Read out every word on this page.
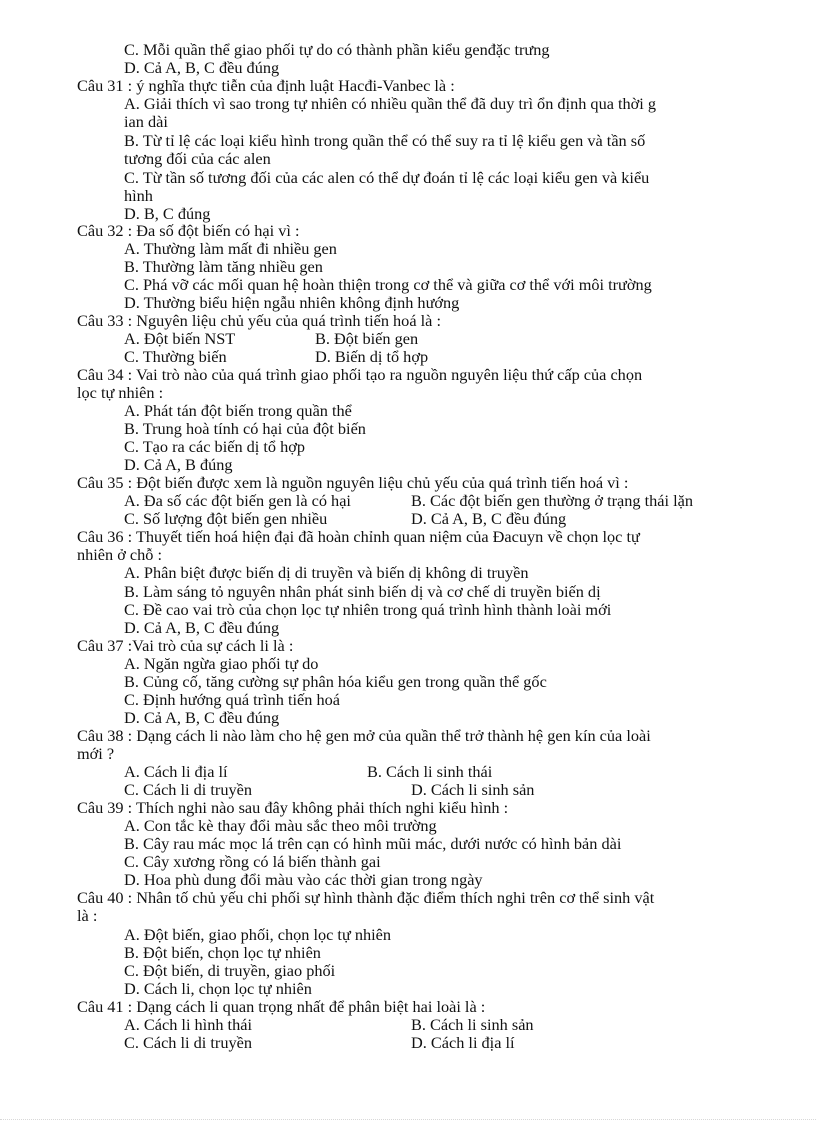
C. Mỗi quần thể giao phối tự do có thành phần kiểu genđặc trưng
D. Cả A, B, C đều đúng
Câu 31 : ý nghĩa thực tiễn của định luật Hacđi-Vanbec là :
A. Giải thích vì sao trong tự nhiên có nhiều quần thể đã duy trì ổn định qua thời g
ian dài
B. Từ tỉ lệ các loại kiểu hình trong quần thể có thể suy ra tỉ lệ kiểu gen và tần số
tương đối của các alen
C. Từ tần số tương đối của các alen có thể dự đoán tỉ lệ các loại kiểu gen và kiểu
hình
D. B, C đúng
Câu 32 : Đa số đột biến có hại vì :
A. Thường làm mất đi nhiều gen
B. Thường làm tăng nhiều gen
C. Phá vỡ các mối quan hệ hoàn thiện trong cơ thể và giữa cơ thể với môi trường
D. Thường biểu hiện ngẫu nhiên không định hướng
Câu 33 : Nguyên liệu chủ yếu của quá trình tiến hoá là :
A. Đột biến NST	B. Đột biến gen
C. Thường biến	D. Biến dị tổ hợp
Câu 34 : Vai trò nào của quá trình giao phối tạo ra nguồn nguyên liệu thứ cấp của chọn
lọc tự nhiên :
A. Phát tán đột biến trong quần thể
B. Trung hoà tính có hại của đột biến
C. Tạo ra các biến dị tổ hợp
D. Cả A, B đúng
Câu 35 : Đột biến được xem là nguồn nguyên liệu chủ yếu của quá trình tiến hoá vì :
A. Đa số các đột biến gen là có hại	B. Các đột biến gen thường ở trạng thái lặn
C. Số lượng đột biến gen nhiều	D. Cả A, B, C đều đúng
Câu 36 : Thuyết tiến hoá hiện đại đã hoàn chỉnh quan niệm của Đacuyn về chọn lọc tự
nhiên ở chỗ :
A. Phân biệt được biến dị di truyền và biến dị không di truyền
B. Làm sáng tỏ nguyên nhân phát sinh biến dị và cơ chế di truyền biến dị
C. Đề cao vai trò của chọn lọc tự nhiên trong quá trình hình thành loài mới
D. Cả A, B, C đều đúng
Câu 37 :Vai trò của sự cách li là :
A. Ngăn ngừa giao phối tự do
B. Củng cố, tăng cường sự phân hóa kiểu gen trong quần thể gốc
C. Định hướng quá trình tiến hoá
D. Cả A, B, C đều đúng
Câu 38 : Dạng cách li nào làm cho hệ gen mở của quần thể trở thành hệ gen kín của loài
mới ?
A. Cách li địa lí	B. Cách li sinh thái
C. Cách li di truyền	D. Cách li sinh sản
Câu 39 : Thích nghi nào sau đây không phải thích nghi kiểu hình :
A. Con tắc kè thay đổi màu sắc theo môi trường
B. Cây rau mác mọc lá trên cạn có hình mũi mác, dưới nước có hình bản dài
C. Cây xương rồng có lá biến thành gai
D. Hoa phù dung đổi màu vào các thời gian trong ngày
Câu 40 : Nhân tố chủ yếu chi phối sự hình thành đặc điểm thích nghi trên cơ thể sinh vật
là :
A. Đột biến, giao phối, chọn lọc tự nhiên
B. Đột biến, chọn lọc tự nhiên
C. Đột biến, di truyền, giao phối
D. Cách li, chọn lọc tự nhiên
Câu 41 : Dạng cách li quan trọng nhất để phân biệt hai loài là :
A. Cách li hình thái	B. Cách li sinh sản
C. Cách li di truyền	D. Cách li địa lí
